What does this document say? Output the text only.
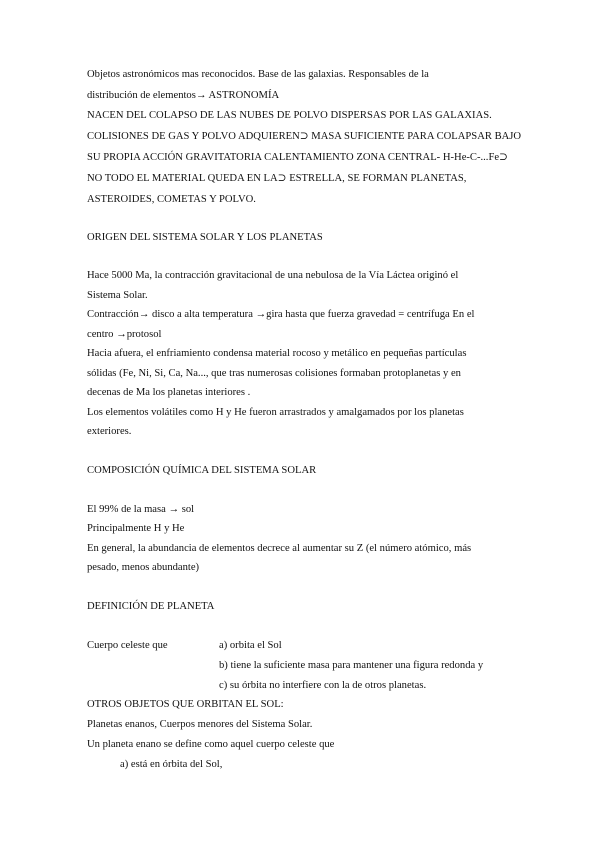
Objetos astronómicos mas reconocidos. Base de las galaxias. Responsables de la
distribución de elementos→ ASTRONOMÍA
NACEN DEL COLAPSO DE LAS NUBES DE POLVO DISPERSAS POR LAS GALAXIAS.
COLISIONES DE GAS Y POLVO ADQUIEREN⊃ MASA SUFICIENTE PARA COLAPSAR BAJO
SU PROPIA ACCIÓN GRAVITATORIA CALENTAMIENTO ZONA CENTRAL- H-He-C-...Fe⊃
NO TODO EL MATERIAL QUEDA EN LA⊃ ESTRELLA, SE FORMAN PLANETAS,
ASTEROIDES, COMETAS Y POLVO.
ORIGEN DEL SISTEMA SOLAR Y LOS PLANETAS
Hace 5000 Ma, la contracción gravitacional de una nebulosa de la Vía Láctea originó el
Sistema Solar.
Contracción→ disco a alta temperatura →gira hasta que fuerza gravedad = centrífuga En el
centro →protosol
Hacia afuera, el enfriamiento condensa material rocoso y metálico en pequeñas partículas
sólidas (Fe, Ni, Si, Ca, Na..., que tras numerosas colisiones formaban protoplanetas y en
decenas de Ma los planetas interiores .
Los elementos volátiles como H y He fueron arrastrados y amalgamados por los planetas
exteriores.
COMPOSICIÓN QUÍMICA DEL SISTEMA SOLAR
El 99% de la masa → sol
Principalmente H y He
En general, la abundancia de elementos decrece al aumentar su Z (el número atómico, más
pesado, menos abundante)
DEFINICIÓN DE PLANETA
Cuerpo celeste que	a) orbita el Sol
b) tiene la suficiente masa para mantener una figura redonda y
c) su órbita no interfiere con la de otros planetas.
OTROS OBJETOS QUE ORBITAN EL SOL:
Planetas enanos, Cuerpos menores del Sistema Solar.
Un planeta enano se define como aquel cuerpo celeste que
a) está en órbita del Sol,
